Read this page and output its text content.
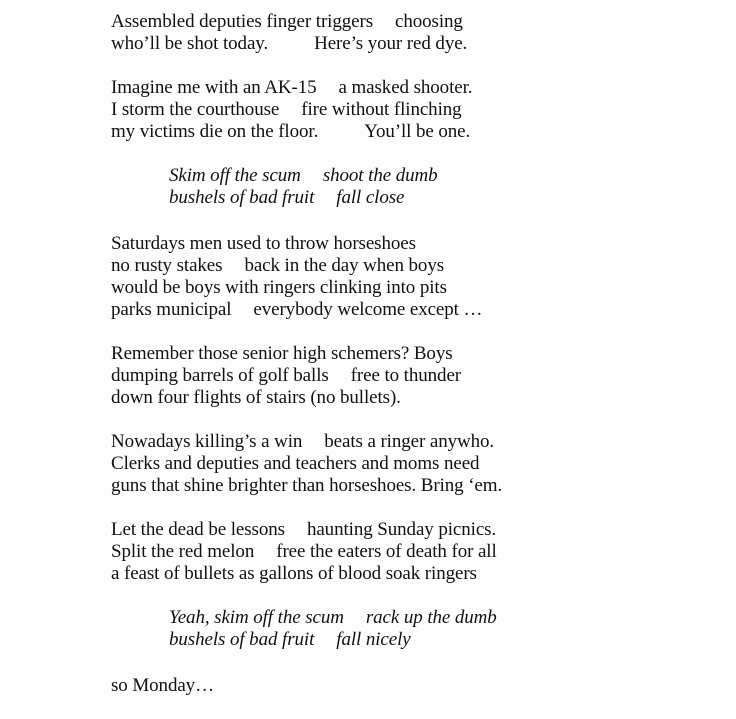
Assembled deputies finger triggers choosing
who’ll be shot today. Here’s your red dye.
Imagine me with an AK-15 a masked shooter.
I storm the courthouse fire without flinching
my victims die on the floor. You’ll be one.
Skim off the scum shoot the dumb
bushels of bad fruit fall close
Saturdays men used to throw horseshoes
no rusty stakes back in the day when boys
would be boys with ringers clinking into pits
parks municipal everybody welcome except …
Remember those senior high schemers? Boys
dumping barrels of golf balls free to thunder
down four flights of stairs (no bullets).
Nowadays killing’s a win beats a ringer anywho.
Clerks and deputies and teachers and moms need
guns that shine brighter than horseshoes. Bring ‘em.
Let the dead be lessons haunting Sunday picnics.
Split the red melon free the eaters of death for all
a feast of bullets as gallons of blood soak ringers
Yeah, skim off the scum rack up the dumb
bushels of bad fruit fall nicely
so Monday…
